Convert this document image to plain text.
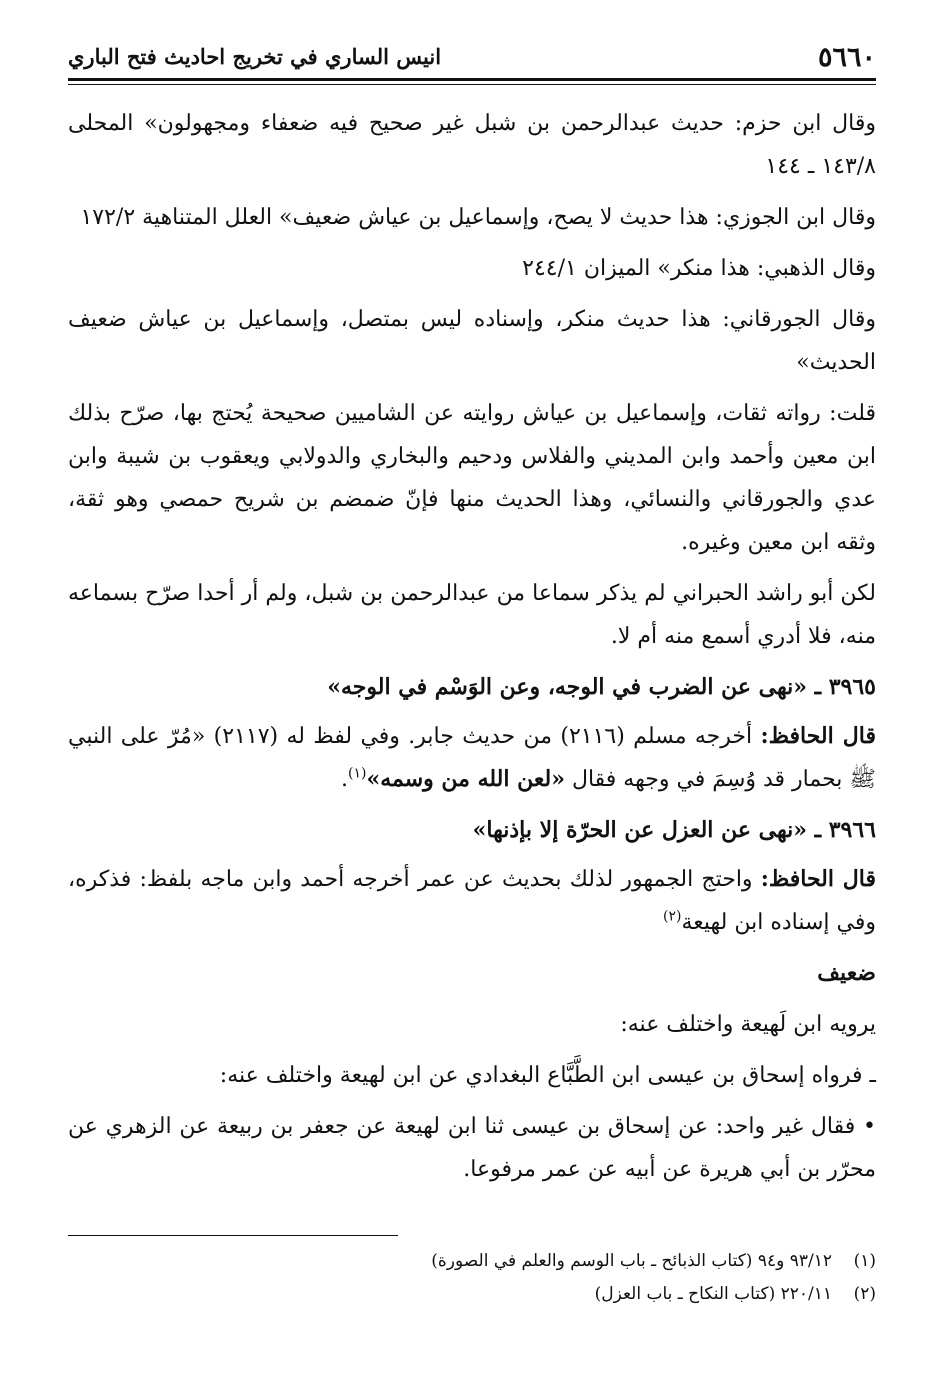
٥٦٦٠
انيس الساري في تخريج احاديث فتح الباري

وقال ابن حزم: حديث عبدالرحمن بن شبل غير صحيح فيه ضعفاء ومجهولون» المحلى ١٤٣/٨ ـ ١٤٤

وقال ابن الجوزي: هذا حديث لا يصح، وإسماعيل بن عياش ضعيف» العلل المتناهية ١٧٢/٢

وقال الذهبي: هذا منكر» الميزان ٢٤٤/١

وقال الجورقاني: هذا حديث منكر، وإسناده ليس بمتصل، وإسماعيل بن عياش ضعيف الحديث»

قلت: رواته ثقات، وإسماعيل بن عياش روايته عن الشاميين صحيحة يُحتج بها، صرّح بذلك ابن معين وأحمد وابن المديني والفلاس ودحيم والبخاري والدولابي ويعقوب بن شيبة وابن عدي والجورقاني والنسائي، وهذا الحديث منها فإنّ ضمضم بن شريح حمصي وهو ثقة، وثقه ابن معين وغيره.

لكن أبو راشد الحبراني لم يذكر سماعا من عبدالرحمن بن شبل، ولم أر أحدا صرّح بسماعه منه، فلا أدري أسمع منه أم لا.

٣٩٦٥ ـ «نهى عن الضرب في الوجه، وعن الوَسْم في الوجه»

قال الحافظ: أخرجه مسلم (٢١١٦) من حديث جابر. وفي لفظ له (٢١١٧) «مُرّ على النبي ﷺ بحمار قد وُسِمَ في وجهه فقال «لعن الله من وسمه»$^{(١)}$.

٣٩٦٦ ـ «نهى عن العزل عن الحرّة إلا بإذنها»

قال الحافظ: واحتج الجمهور لذلك بحديث عن عمر أخرجه أحمد وابن ماجه بلفظ: فذكره، وفي إسناده ابن لهيعة$^{(٢)}$

ضعيف

يرويه ابن لَهيعة واختلف عنه:

ـ فرواه إسحاق بن عيسى ابن الطَّبَّاع البغدادي عن ابن لهيعة واختلف عنه:

• فقال غير واحد: عن إسحاق بن عيسى ثنا ابن لهيعة عن جعفر بن ربيعة عن الزهري عن محرّر بن أبي هريرة عن أبيه عن عمر مرفوعا.

(١)
٩٣/١٢ و٩٤ (كتاب الذبائح ـ باب الوسم والعلم في الصورة)
(٢)
٢٢٠/١١ (كتاب النكاح ـ باب العزل)
